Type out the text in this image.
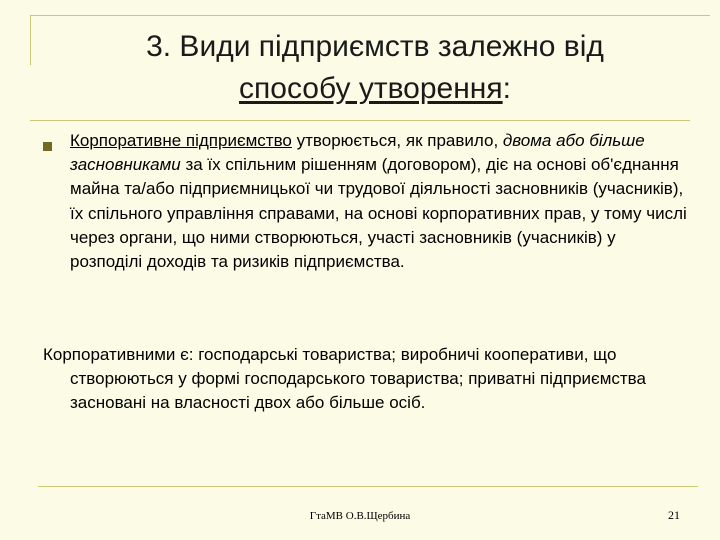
3. Види підприємств залежно від
способу утворення:
Корпоративне підприємство утворюється, як правило, двома або більше засновниками за їх спільним рішенням (договором), діє на основі об'єднання майна та/або підприємницької чи трудової діяльності засновників (учасників), їх спільного управління справами, на основі корпоративних прав, у тому числі через органи, що ними створюються, участі засновників (учасників) у розподілі доходів та ризиків підприємства.
Корпоративними є: господарські товариства; виробничі кооперативи, що створюються у формі господарського товариства; приватні підприємства засновані на власності двох або більше осіб.
ГтаМВ О.В.Щербина	21
